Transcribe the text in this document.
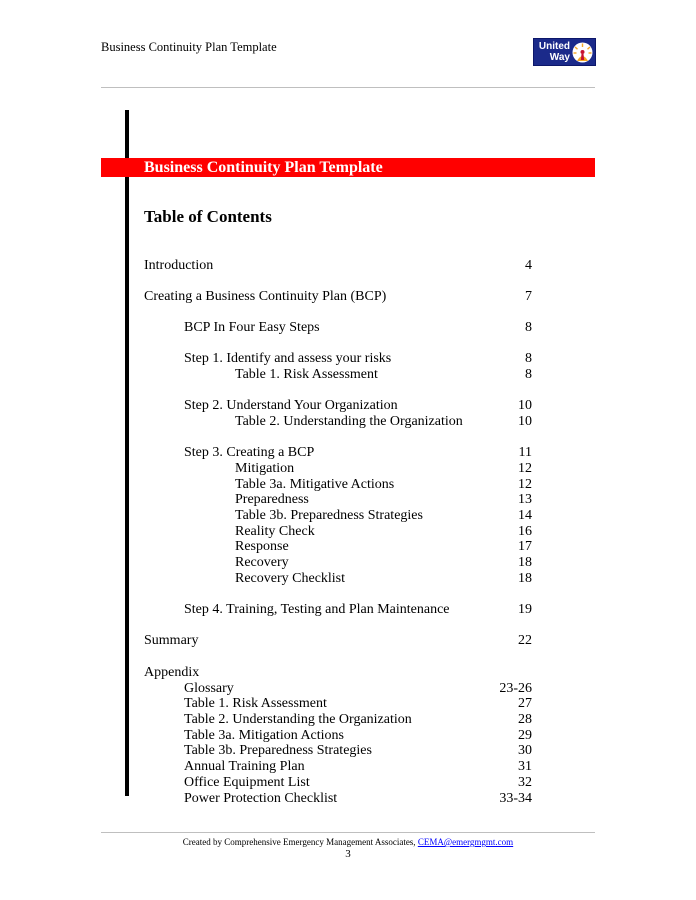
Business Continuity Plan Template	United
Way
Business Continuity Plan Template
Table of Contents
Introduction	4
Creating a Business Continuity Plan (BCP)	7
BCP In Four Easy Steps	8
Step 1. Identify and assess your risks	8
Table 1. Risk Assessment	8
Step 2. Understand Your Organization	10
Table 2. Understanding the Organization	10
Step 3. Creating a BCP	11
Mitigation	12
Table 3a. Mitigative Actions	12
Preparedness	13
Table 3b. Preparedness Strategies	14
Reality Check	16
Response	17
Recovery	18
Recovery Checklist	18
Step 4. Training, Testing and Plan Maintenance	19
Summary	22
Appendix
Glossary	23-26
Table 1. Risk Assessment	27
Table 2. Understanding the Organization	28
Table 3a. Mitigation Actions	29
Table 3b. Preparedness Strategies	30
Annual Training Plan	31
Office Equipment List	32
Power Protection Checklist	33-34
Created by Comprehensive Emergency Management Associates, CEMA@emergmgmt.com
3
